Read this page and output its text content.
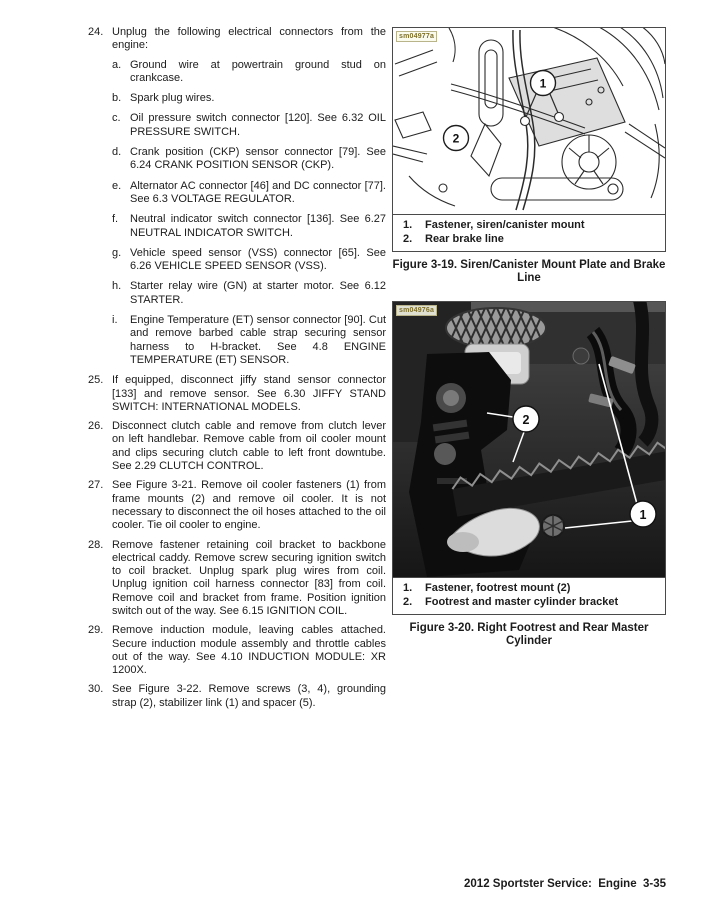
24. Unplug the following electrical connectors from the engine:
a. Ground wire at powertrain ground stud on crankcase.
b. Spark plug wires.
c. Oil pressure switch connector [120]. See 6.32 OIL PRESSURE SWITCH.
d. Crank position (CKP) sensor connector [79]. See 6.24 CRANK POSITION SENSOR (CKP).
e. Alternator AC connector [46] and DC connector [77]. See 6.3 VOLTAGE REGULATOR.
f.	Neutral indicator switch connector [136]. See 6.27 NEUTRAL INDICATOR SWITCH.
g. Vehicle speed sensor (VSS) connector [65]. See 6.26 VEHICLE SPEED SENSOR (VSS).
h. Starter relay wire (GN) at starter motor. See 6.12 STARTER.
i.	Engine Temperature (ET) sensor connector [90]. Cut and remove barbed cable strap securing sensor harness to H-bracket. See 4.8 ENGINE TEMPERATURE (ET) SENSOR.
25. If equipped, disconnect jiffy stand sensor connector [133] and remove sensor. See 6.30 JIFFY STAND SWITCH: INTERNATIONAL MODELS.
26. Disconnect clutch cable and remove from clutch lever on left handlebar. Remove cable from oil cooler mount and clips securing clutch cable to left front downtube. See 2.29 CLUTCH CONTROL.
27. See Figure 3-21. Remove oil cooler fasteners (1) from frame mounts (2) and remove oil cooler. It is not necessary to disconnect the oil hoses attached to the oil cooler. Tie oil cooler to engine.
28. Remove fastener retaining coil bracket to backbone electrical caddy. Remove screw securing ignition switch to coil bracket. Unplug spark plug wires from coil. Unplug ignition coil harness connector [83] from coil. Remove coil and bracket from frame. Position ignition switch out of the way. See 6.15 IGNITION COIL.
29. Remove induction module, leaving cables attached. Secure induction module assembly and throttle cables out of the way. See 4.10 INDUCTION MODULE: XR 1200X.
30. See Figure 3-22. Remove screws (3, 4), grounding strap (2), stabilizer link (1) and spacer (5).
1
2
sm04977a
1.	Fastener, siren/canister mount
2.	Rear brake line
Figure 3-19. Siren/Canister Mount Plate and Brake Line
2
1
sm04976a
1.	Fastener, footrest mount (2)
2.	Footrest and master cylinder bracket
Figure 3-20. Right Footrest and Rear Master Cylinder
2012 Sportster Service:  Engine  3-35
